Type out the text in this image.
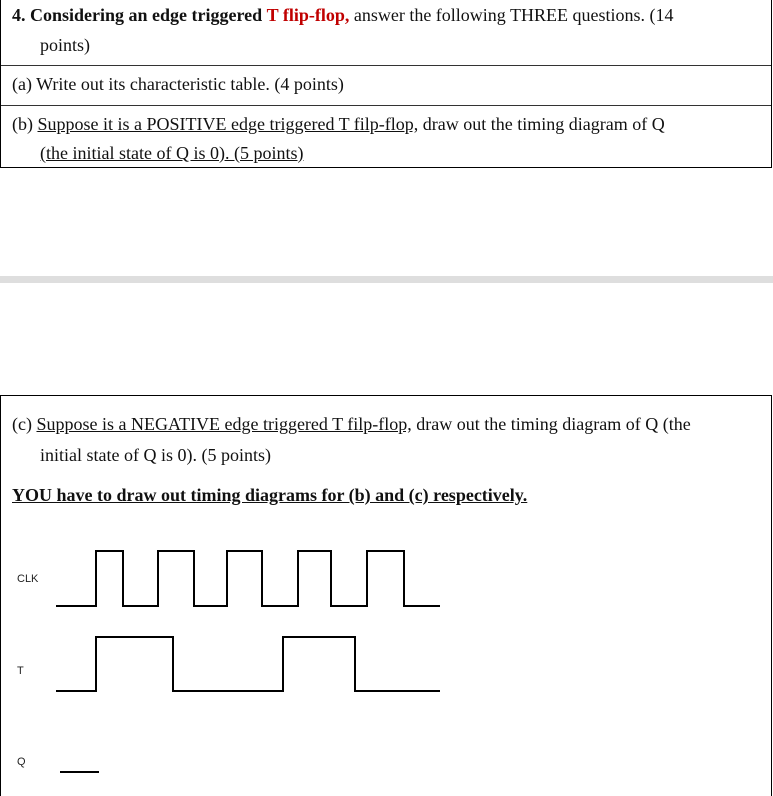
4. Considering an edge triggered T flip-flop, answer the following THREE questions. (14
points)
(a) Write out its characteristic table. (4 points)
(b) Suppose it is a POSITIVE edge triggered T filp-flop, draw out the timing diagram of Q
(the initial state of Q is 0). (5 points)
(c) Suppose is a NEGATIVE edge triggered T filp-flop, draw out the timing diagram of Q (the
initial state of Q is 0). (5 points)
YOU have to draw out timing diagrams for (b) and (c) respectively.
CLK
T
Q
